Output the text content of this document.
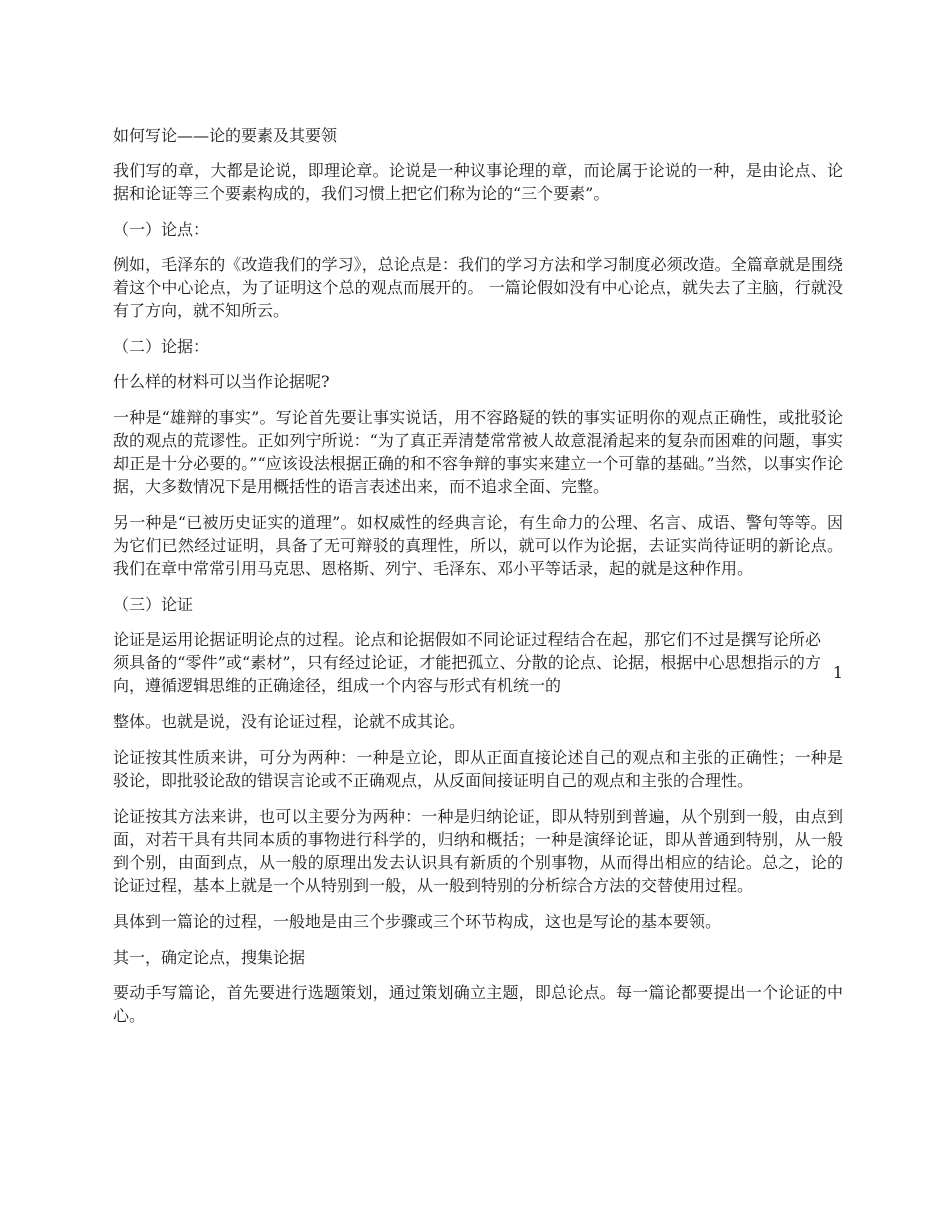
如何写论——论的要素及其要领

我们写的章，大都是论说，即理论章。论说是一种议事论理的章，而论属于论说的一种，是由论点、论据和论证等三个要素构成的，我们习惯上把它们称为论的“三个要素”。

（一）论点：

例如，毛泽东的《改造我们的学习》，总论点是：我们的学习方法和学习制度必须改造。全篇章就是围绕着这个中心论点，为了证明这个总的观点而展开的。 一篇论假如没有中心论点，就失去了主脑，行就没有了方向，就不知所云。

（二）论据：

什么样的材料可以当作论据呢?

一种是“雄辩的事实”。写论首先要让事实说话，用不容路疑的铁的事实证明你的观点正确性，或批驳论敌的观点的荒谬性。正如列宁所说：“为了真正弄清楚常常被人故意混淆起来的复杂而困难的问题，事实却正是十分必要的。”“应该设法根据正确的和不容争辩的事实来建立一个可靠的基础。”当然，以事实作论据，大多数情况下是用概括性的语言表述出来，而不追求全面、完整。

另一种是“已被历史证实的道理”。如权威性的经典言论，有生命力的公理、名言、成语、警句等等。因为它们已然经过证明，具备了无可辩驳的真理性，所以，就可以作为论据，去证实尚待证明的新论点。我们在章中常常引用马克思、恩格斯、列宁、毛泽东、邓小平等话录，起的就是这种作用。

（三）论证

论证是运用论据证明论点的过程。论点和论据假如不同论证过程结合在起，那它们不过是撰写论所必须具备的“零件”或“素材”，只有经过论证，才能把孤立、分散的论点、论据，根据中心思想指示的方向，遵循逻辑思维的正确途径，组成一个内容与形式有机统一的

1

整体。也就是说，没有论证过程，论就不成其论。

论证按其性质来讲，可分为两种：一种是立论，即从正面直接论述自己的观点和主张的正确性；一种是驳论，即批驳论敌的错误言论或不正确观点，从反面间接证明自己的观点和主张的合理性。

论证按其方法来讲，也可以主要分为两种：一种是归纳论证，即从特别到普遍，从个别到一般，由点到面，对若干具有共同本质的事物进行科学的，归纳和概括；一种是演绎论证，即从普通到特别，从一般到个别，由面到点，从一般的原理出发去认识具有新质的个别事物，从而得出相应的结论。总之，论的论证过程，基本上就是一个从特别到一般，从一般到特别的分析综合方法的交替使用过程。

具体到一篇论的过程，一般地是由三个步骤或三个环节构成，这也是写论的基本要领。

其一，确定论点，搜集论据

要动手写篇论，首先要进行选题策划，通过策划确立主题，即总论点。每一篇论都要提出一个论证的中心。
